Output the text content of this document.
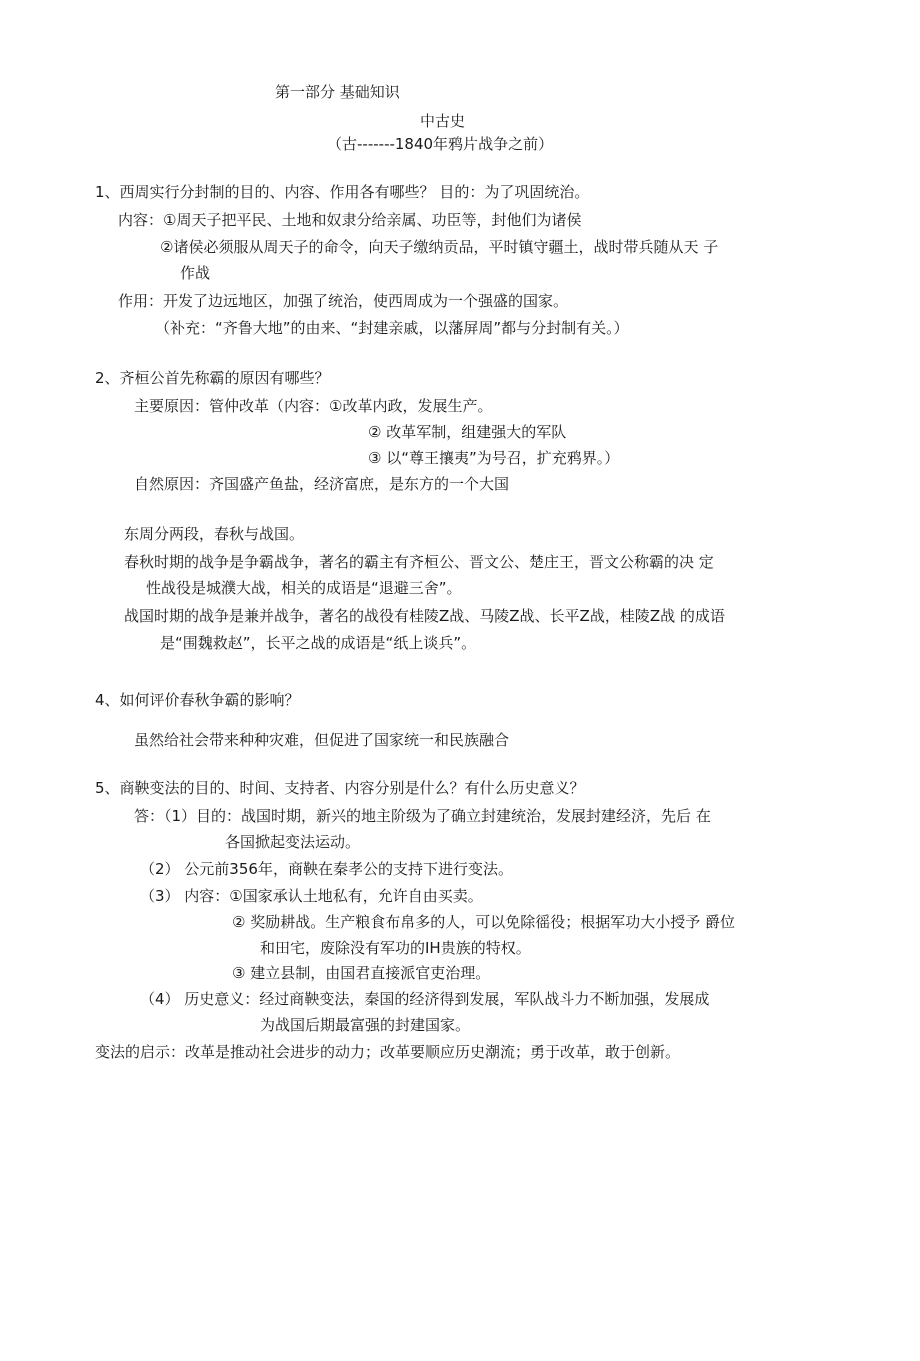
第一部分 基础知识
中古史
（古-------1840年鸦片战争之前）
1、西周实行分封制的目的、内容、作用各有哪些？ 目的：为了巩固统治。
内容：①周天子把平民、土地和奴隶分给亲属、功臣等，封他们为诸侯
②诸侯必须服从周天子的命令，向天子缴纳贡品，平时镇守疆土，战时带兵随从天 子
作战
作用：开发了边远地区，加强了统治，使西周成为一个强盛的国家。
（补充：“齐鲁大地”的由来、“封建亲戚，以藩屏周”都与分封制有关。）
2、齐桓公首先称霸的原因有哪些？
主要原因：管仲改革（内容：①改革内政，发展生产。
② 改革军制，组建强大的军队
③ 以“尊王攘夷”为号召，扩充鸦界。）
自然原因：齐国盛产鱼盐，经济富庶，是东方的一个大国
东周分两段，春秋与战国。
春秋时期的战争是争霸战争，著名的霸主有齐桓公、晋文公、楚庄王，晋文公称霸的决 定
性战役是城濮大战，相关的成语是“退避三舍”。
战国时期的战争是兼并战争，著名的战役有桂陵Z战、马陵Z战、长平Z战，桂陵Z战 的成语
是“围魏救赵”，长平之战的成语是“纸上谈兵”。
4、如何评价春秋争霸的影响？
虽然给社会带来种种灾难，但促进了国家统一和民族融合
5、商鞅变法的目的、时间、支持者、内容分别是什么？有什么历史意义？
答：（1）目的：战国时期，新兴的地主阶级为了确立封建统治，发展封建经济，先后 在
各国掀起变法运动。
（2） 公元前356年，商鞅在秦孝公的支持下进行变法。
（3） 内容：①国家承认土地私有，允许自由买卖。
② 奖励耕战。生产粮食布帛多的人，可以免除徭役；根据军功大小授予 爵位
和田宅，废除没有军功的IH贵族的特权。
③ 建立县制，由国君直接派官吏治理。
（4） 历史意义：经过商鞅变法，秦国的经济得到发展，军队战斗力不断加强，发展成
为战国后期最富强的封建国家。
变法的启示：改革是推动社会进步的动力；改革要顺应历史潮流；勇于改革，敢于创新。
